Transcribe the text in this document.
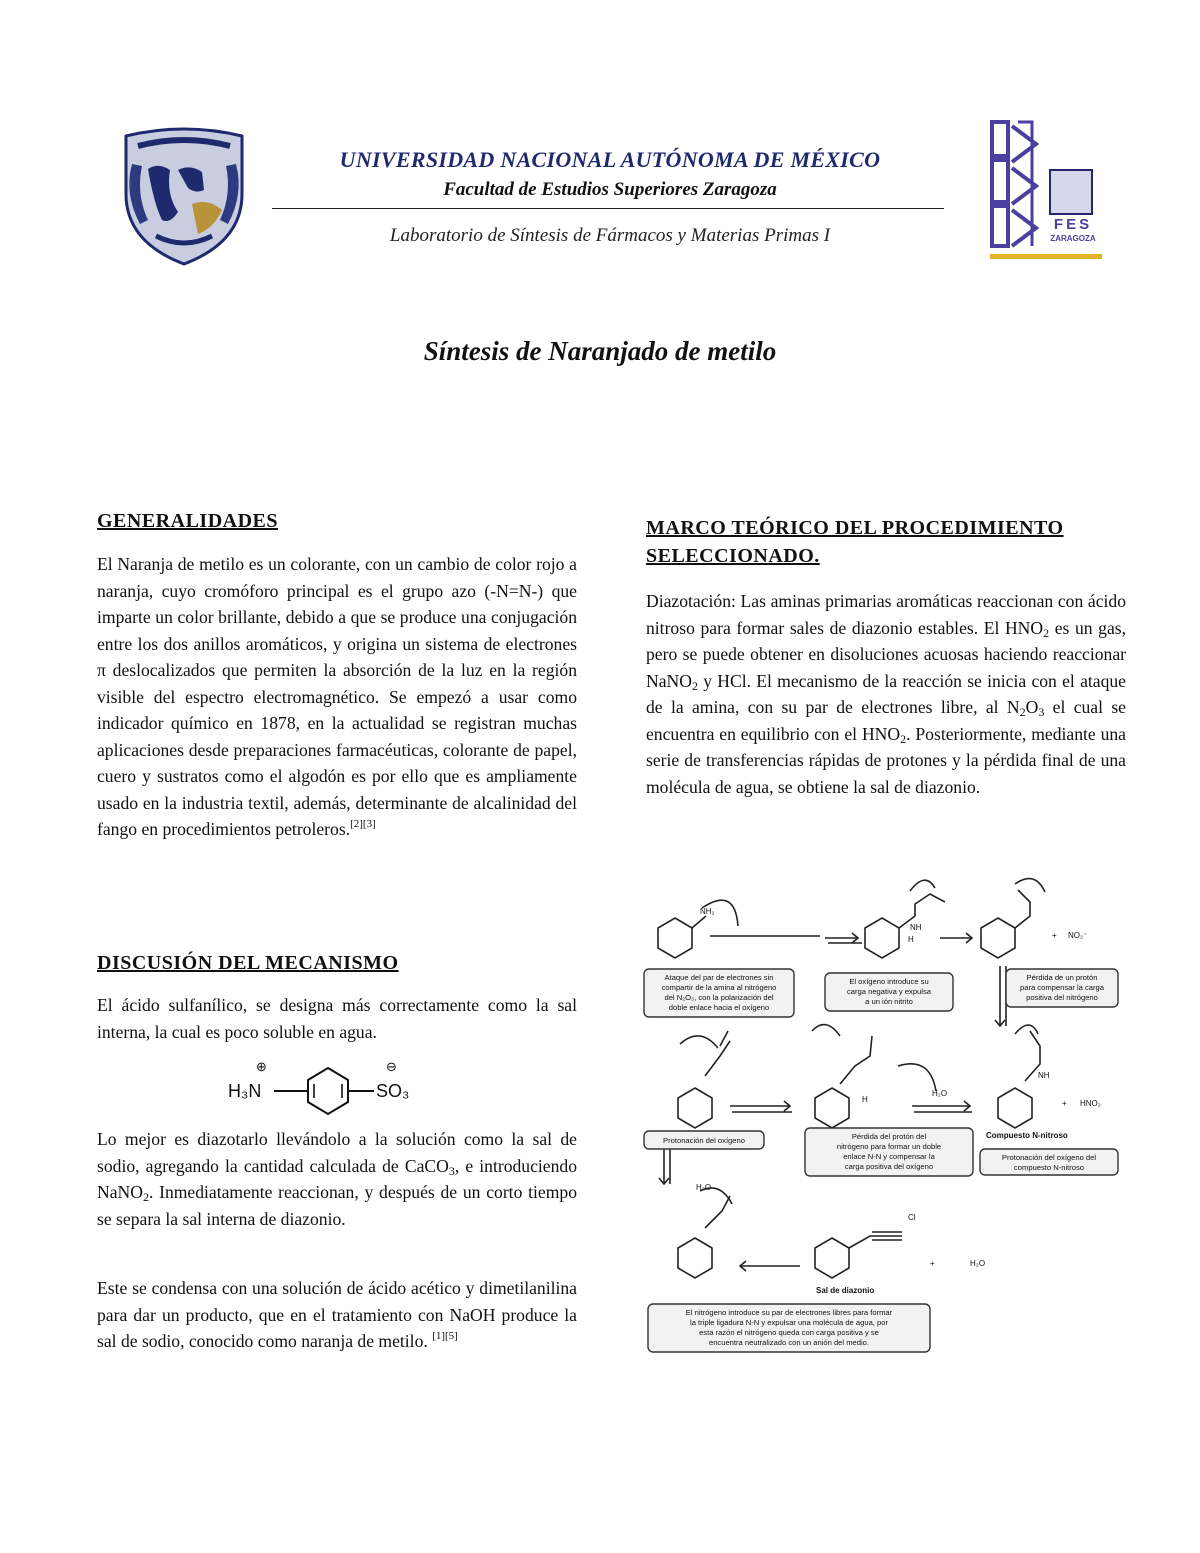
UNIVERSIDAD NACIONAL AUTÓNOMA DE MÉXICO
Facultad de Estudios Superiores Zaragoza
Laboratorio de Síntesis de Fármacos y Materias Primas I
FES
ZARAGOZA
Síntesis de Naranjado de metilo
GENERALIDADES
El Naranja de metilo es un colorante, con un cambio de color rojo a naranja, cuyo cromóforo principal es el grupo azo (-N=N-) que imparte un color brillante, debido a que se produce una conjugación entre los dos anillos aromáticos, y origina un sistema de electrones π deslocalizados que permiten la absorción de la luz en la región visible del espectro electromagnético. Se empezó a usar como indicador químico en 1878, en la actualidad se registran muchas aplicaciones desde preparaciones farmacéuticas, colorante de papel, cuero y sustratos como el algodón es por ello que es ampliamente usado en la industria textil, además, determinante de alcalinidad del fango en procedimientos petroleros.[2][3]
DISCUSIÓN DEL MECANISMO
El ácido sulfanílico, se designa más correctamente como la sal interna, la cual es poco soluble en agua.
H₃N
⊕
SO₃
⊖
Lo mejor es diazotarlo llevándolo a la solución como la sal de sodio, agregando la cantidad calculada de CaCO$_3$, e introduciendo NaNO$_2$. Inmediatamente reaccionan, y después de un corto tiempo se separa la sal interna de diazonio.
Este se condensa con una solución de ácido acético y dimetilanilina para dar un producto, que en el tratamiento con NaOH produce la sal de sodio, conocido como naranja de metilo. [1][5]
MARCO TEÓRICO DEL PROCEDIMIENTO SELECCIONADO.
Diazotación: Las aminas primarias aromáticas reaccionan con ácido nitroso para formar sales de diazonio estables. El $HNO_2$ es un gas, pero se puede obtener en disoluciones acuosas haciendo reaccionar NaNO$_2$ y HCl. El mecanismo de la reacción se inicia con el ataque de la amina, con su par de electrones libre, al $N_2O_3$ el cual se encuentra en equilibrio con el $HNO_2$. Posteriormente, mediante una serie de transferencias rápidas de protones y la pérdida final de una molécula de agua, se obtiene la sal de diazonio.
Ataque del par de electrones sin
compartir de la amina al nitrógeno
del N₂O₃, con la polarización del
doble enlace hacia el oxígeno
El oxígeno introduce su
carga negativa y expulsa
a un ión nitrito
Pérdida de un protón
para compensar la carga
positiva del nitrógeno
Protonación del oxígeno	Pérdida del protón del
nitrógeno para formar un doble
enlace N-N y compensar la
carga positiva del oxígeno
Protonación del oxígeno del
compuesto N-nitroso
El nitrógeno introduce su par de electrones libres para formar
la triple ligadura N-N y expulsar una molécula de agua, por
esta razón el nitrógeno queda con carga positiva y se
encuentra neutralizado con un anión del medio.
NH₂
NO₂⁻
+
NH
H
NH
H
H₂O
+ HNO₂
H₂O
Cl
+	H₂O
Compuesto N-nitroso
Sal de diazonio
